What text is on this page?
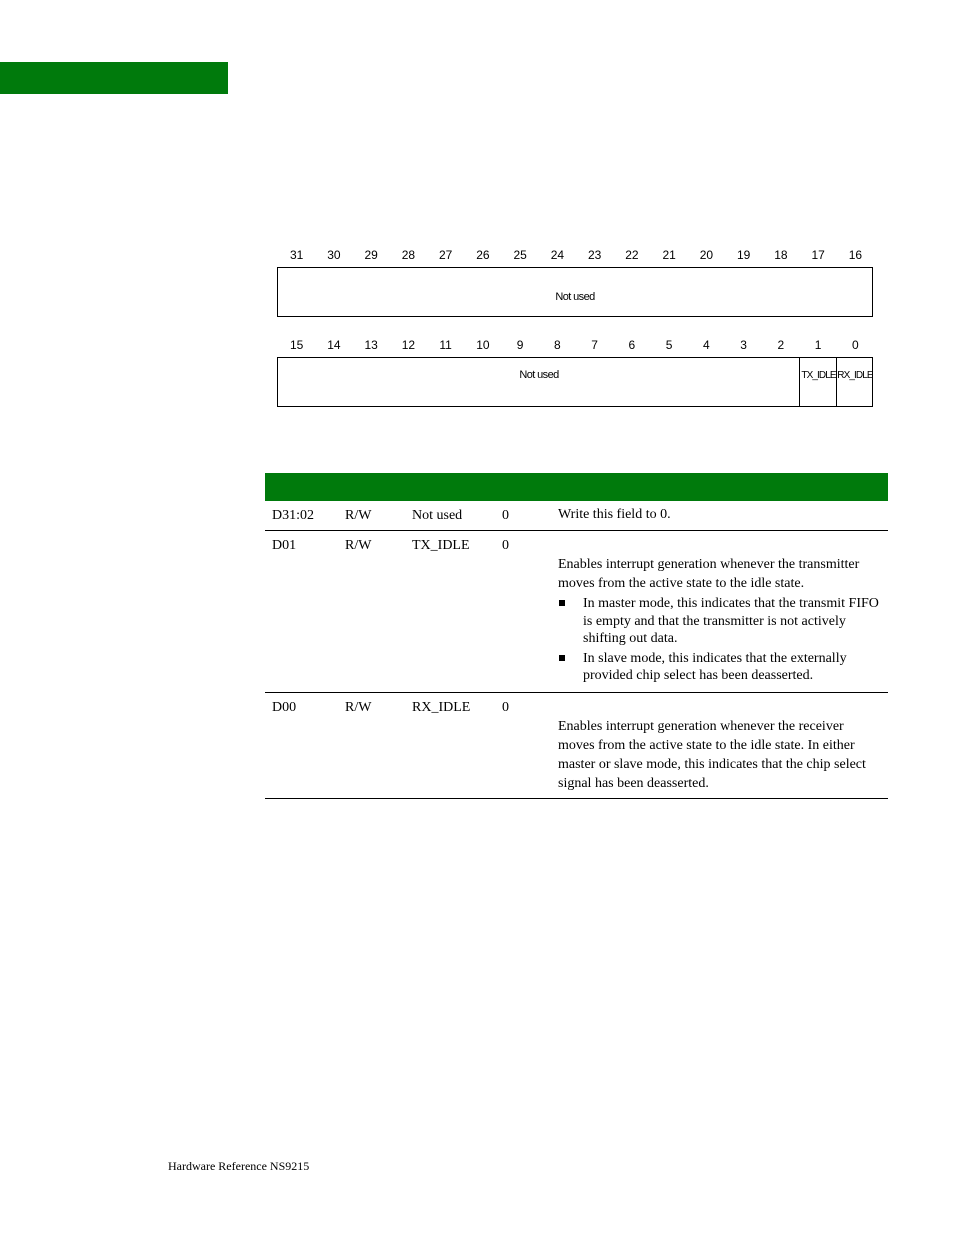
31	30	29	28	27	26	25	24	23	22	21	20	19	18	17	16
Not used
15	14	13	12	11	10	9	8	7	6	5	4	3	2	1	0
Not used	TX_IDLE RX_IDLE
D31:02 R/W	Not used	0	Write this field to 0.
D01	R/W	TX_IDLE 0
Enables interrupt generation whenever the transmitter moves from the active state to the idle state.
In master mode, this indicates that the transmit FIFO is empty and that the transmitter is not actively shifting out data.
In slave mode, this indicates that the externally provided chip select has been deasserted.
D00	R/W	RX_IDLE 0
Enables interrupt generation whenever the receiver moves from the active state to the idle state. In either master or slave mode, this indicates that the chip select signal has been deasserted.
Hardware Reference NS9215
